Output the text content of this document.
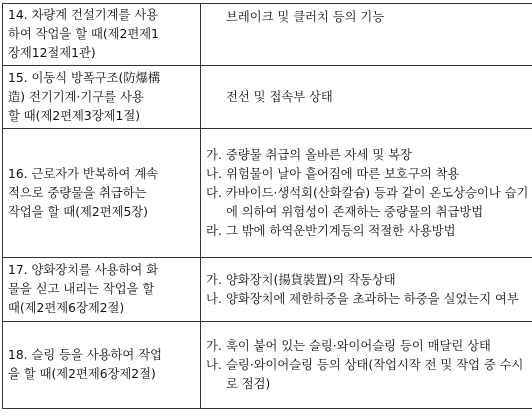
14. 차량계 건설기계를 사용
하여 작업을 할 때(제2편제1
장제12절제1관)	브레이크 및 클러치 등의 기능

15. 이동식 방폭구조(防爆構
造) 전기기계·기구를 사용
할 때(제2편제3장제1절)	전선 및 접속부 상태

16. 근로자가 반복하여 계속
적으로 중량물을 취급하는
작업을 할 때(제2편제5장)	가. 중량물 취급의 올바른 자세 및 복장
나. 위험물이 날아 흩어짐에 따른 보호구의 착용
다. 카바이드·생석회(산화칼슘) 등과 같이 온도상승이나 습기에 의하여 위험성이 존재하는 중량물의 취급방법
라. 그 밖에 하역운반기계등의 적절한 사용방법

17. 양화장치를 사용하여 화
물을 싣고 내리는 작업을 할
때(제2편제6장제2절)	가. 양화장치(揚貨裝置)의 작동상태
나. 양화장치에 제한하중을 초과하는 하중을 실었는지 여부

18. 슬링 등을 사용하여 작업
을 할 때(제2편제6장제2절)	가. 훅이 붙어 있는 슬링·와이어슬링 등이 매달린 상태
나. 슬링·와이어슬링 등의 상태(작업시작 전 및 작업 중 수시로 점검)
